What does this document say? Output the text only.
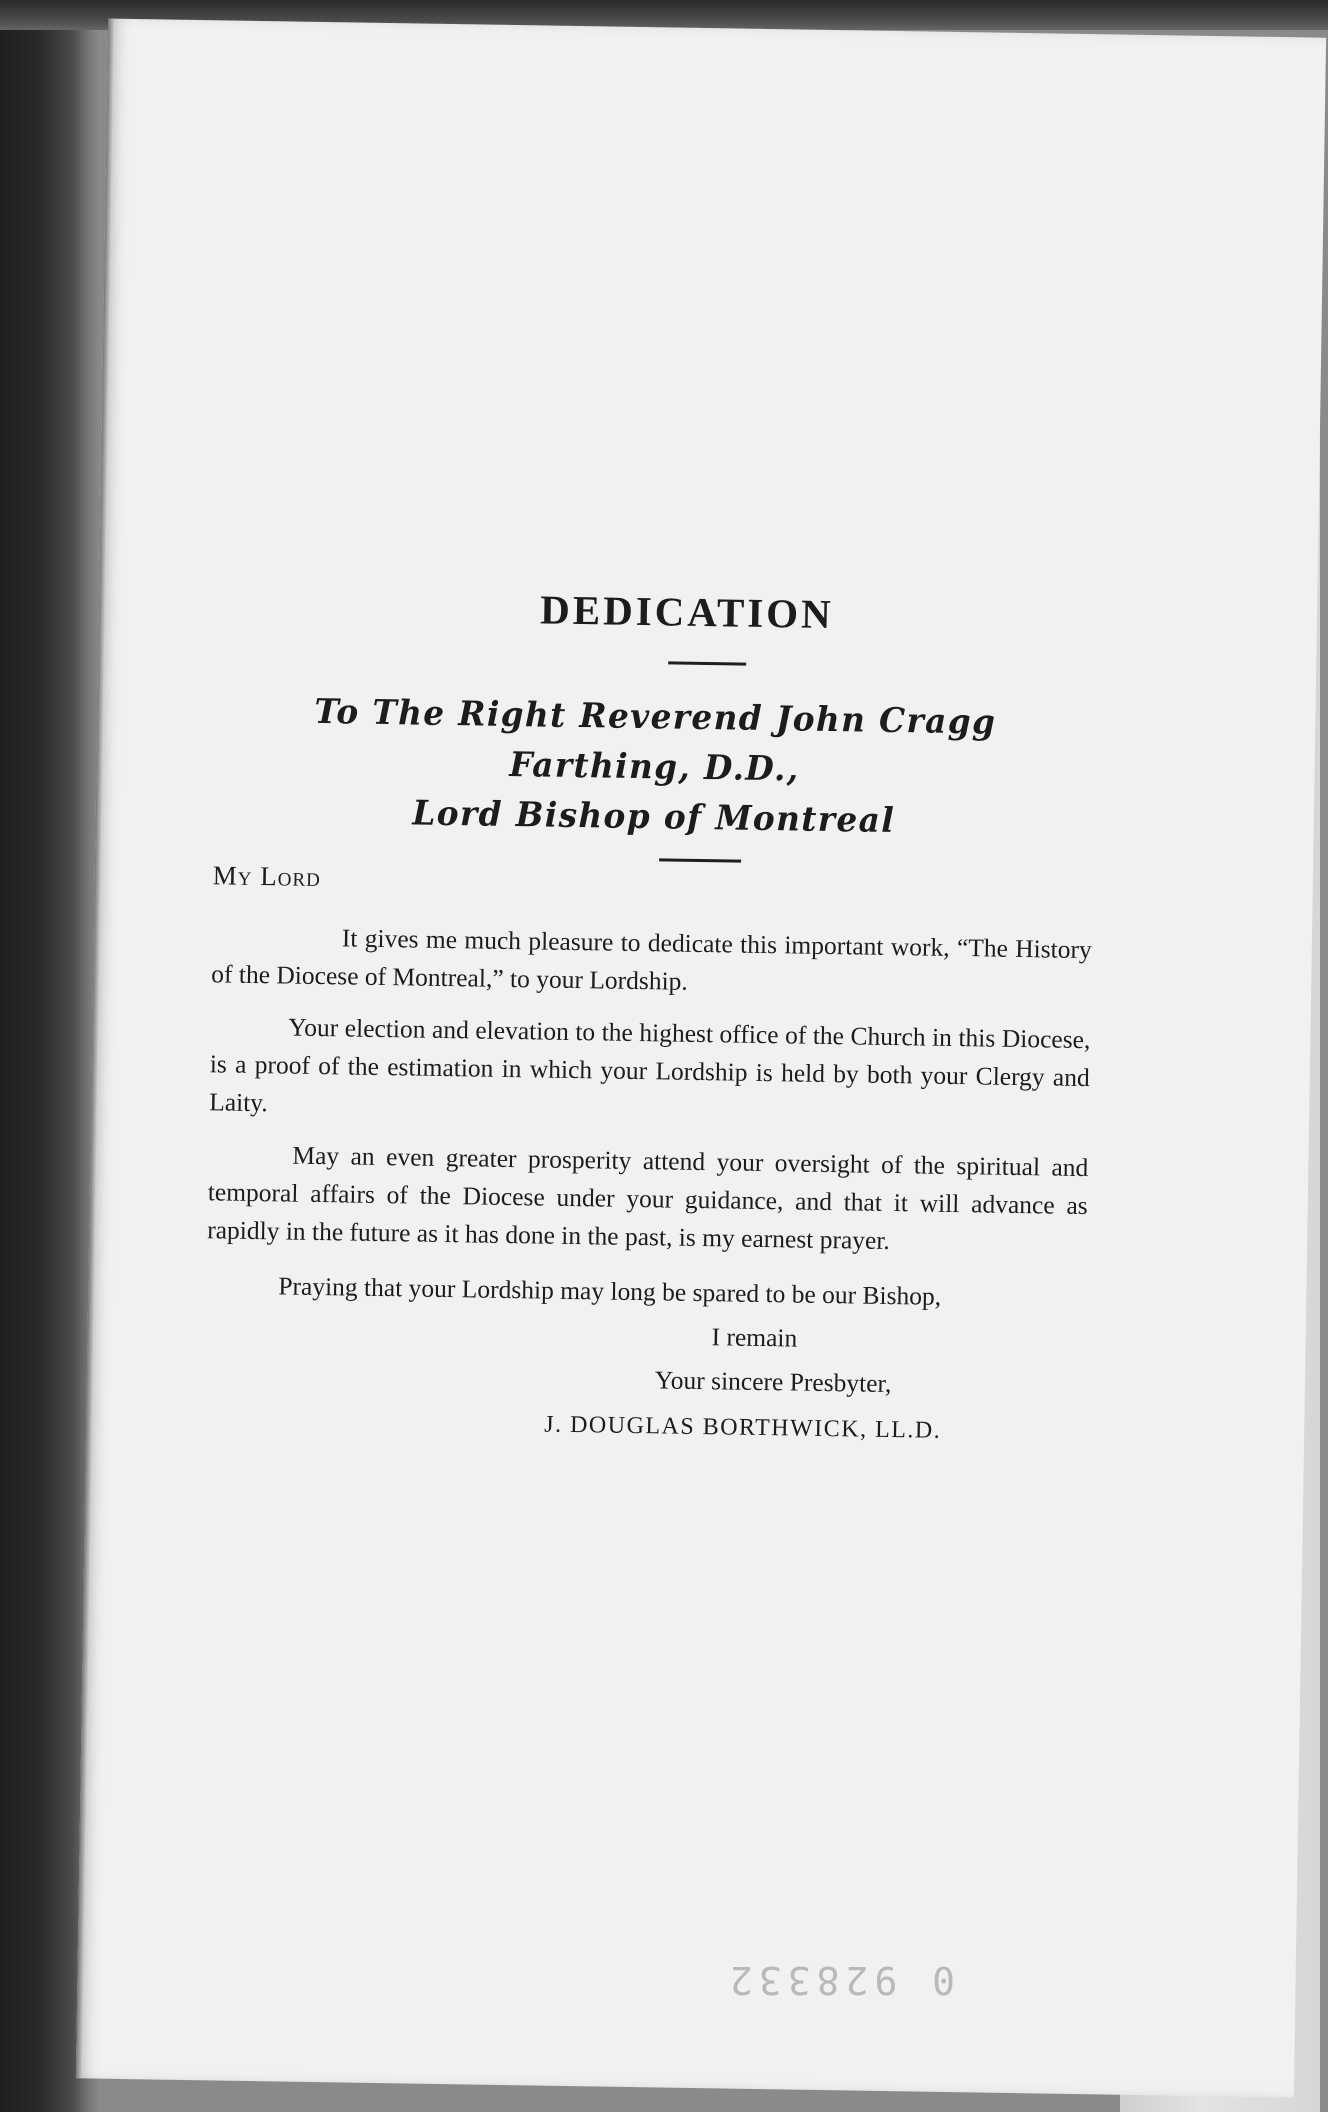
DEDICATION
To The Right Reverend John Cragg Farthing, D.D.,
Lord Bishop of Montreal
My Lord

It gives me much pleasure to dedicate this important work, “The History of the Diocese of Montreal,” to your Lordship.

Your election and elevation to the highest office of the Church in this Diocese, is a proof of the estimation in which your Lordship is held by both your Clergy and Laity.

May an even greater prosperity attend your oversight of the spiritual and temporal affairs of the Diocese under your guidance, and that it will advance as rapidly in the future as it has done in the past, is my earnest prayer.

Praying that your Lordship may long be spared to be our Bishop,
I remain
Your sincere Presbyter,
J. DOUGLAS BORTHWICK, LL.D.
0 928332
